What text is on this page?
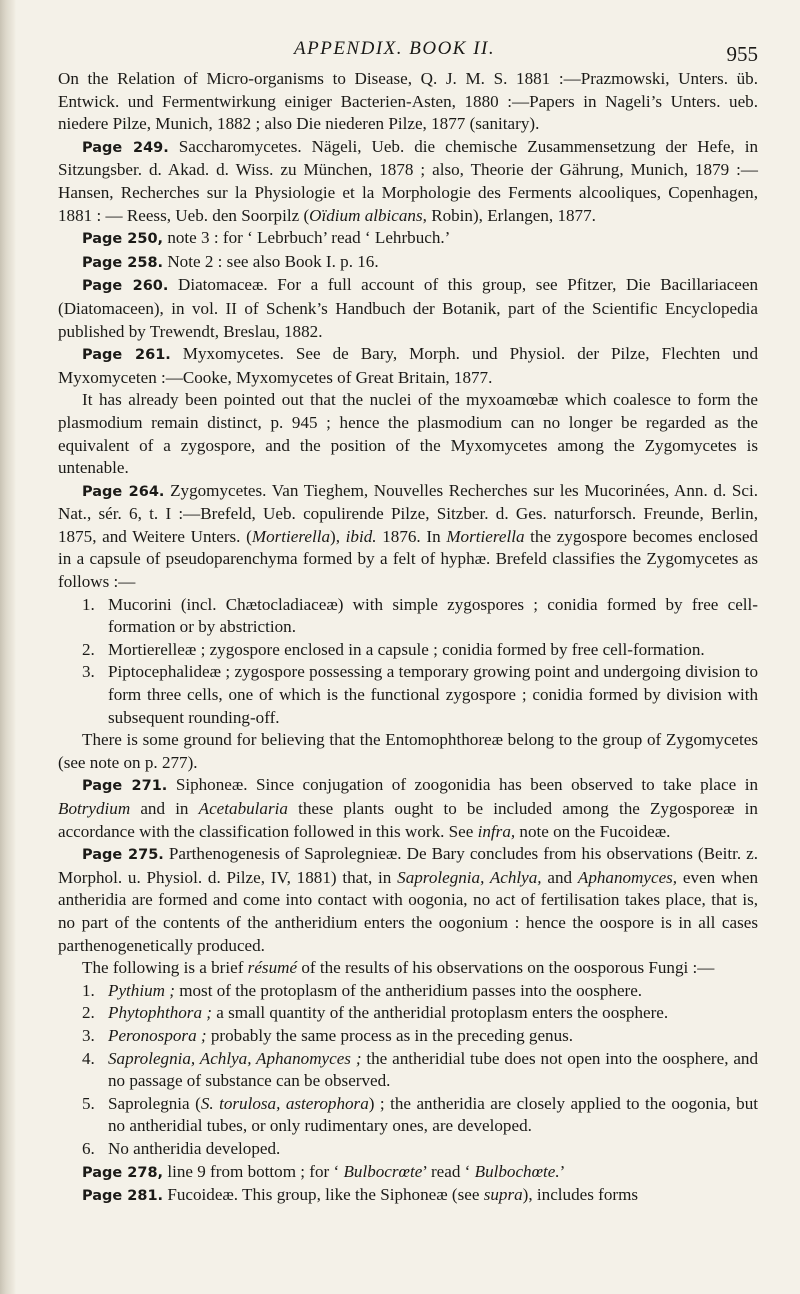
APPENDIX. BOOK II.	955

On the Relation of Micro-organisms to Disease, Q. J. M. S. 1881 :—Prazmowski, Unters. üb. Entwick. und Fermentwirkung einiger Bacterien-Asten, 1880 :—Papers in Nageli’s Unters. ueb. niedere Pilze, Munich, 1882 ; also Die niederen Pilze, 1877 (sanitary).

Page 249. Saccharomycetes. Nägeli, Ueb. die chemische Zusammensetzung der Hefe, in Sitzungsber. d. Akad. d. Wiss. zu München, 1878 ; also, Theorie der Gährung, Munich, 1879 :—Hansen, Recherches sur la Physiologie et la Morphologie des Ferments alcooliques, Copenhagen, 1881 : — Reess, Ueb. den Soorpilz (Oïdium albicans, Robin), Erlangen, 1877.

Page 250, note 3 : for ‘ Lebrbuch’ read ‘ Lehrbuch.’

Page 258. Note 2 : see also Book I. p. 16.

Page 260. Diatomaceæ. For a full account of this group, see Pfitzer, Die Bacillariaceen (Diatomaceen), in vol. II of Schenk’s Handbuch der Botanik, part of the Scientific Encyclopedia published by Trewendt, Breslau, 1882.

Page 261. Myxomycetes. See de Bary, Morph. und Physiol. der Pilze, Flechten und Myxomyceten :—Cooke, Myxomycetes of Great Britain, 1877.

It has already been pointed out that the nuclei of the myxoamœbæ which coalesce to form the plasmodium remain distinct, p. 945 ; hence the plasmodium can no longer be regarded as the equivalent of a zygospore, and the position of the Myxomycetes among the Zygomycetes is untenable.

Page 264. Zygomycetes. Van Tieghem, Nouvelles Recherches sur les Mucorinées, Ann. d. Sci. Nat., sér. 6, t. I :—Brefeld, Ueb. copulirende Pilze, Sitzber. d. Ges. naturforsch. Freunde, Berlin, 1875, and Weitere Unters. (Mortierella), ibid. 1876. In Mortierella the zygospore becomes enclosed in a capsule of pseudoparenchyma formed by a felt of hyphæ. Brefeld classifies the Zygomycetes as follows :—

1. Mucorini (incl. Chætocladiaceæ) with simple zygospores ; conidia formed by free cell-formation or by abstriction.

2. Mortierelleæ ; zygospore enclosed in a capsule ; conidia formed by free cell-formation.

3. Piptocephalideæ ; zygospore possessing a temporary growing point and undergoing division to form three cells, one of which is the functional zygospore ; conidia formed by division with subsequent rounding-off.

There is some ground for believing that the Entomophthoreæ belong to the group of Zygomycetes (see note on p. 277).

Page 271. Siphoneæ. Since conjugation of zoogonidia has been observed to take place in Botrydium and in Acetabularia these plants ought to be included among the Zygosporeæ in accordance with the classification followed in this work. See infra, note on the Fucoideæ.

Page 275. Parthenogenesis of Saprolegnieæ. De Bary concludes from his observations (Beitr. z. Morphol. u. Physiol. d. Pilze, IV, 1881) that, in Saprolegnia, Achlya, and Aphanomyces, even when antheridia are formed and come into contact with oogonia, no act of fertilisation takes place, that is, no part of the contents of the antheridium enters the oogonium : hence the oospore is in all cases parthenogenetically produced.

The following is a brief résumé of the results of his observations on the oosporous Fungi :—

1. Pythium ; most of the protoplasm of the antheridium passes into the oosphere.

2. Phytophthora ; a small quantity of the antheridial protoplasm enters the oosphere.

3. Peronospora ; probably the same process as in the preceding genus.

4. Saprolegnia, Achlya, Aphanomyces ; the antheridial tube does not open into the oosphere, and no passage of substance can be observed.

5. Saprolegnia (S. torulosa, asterophora) ; the antheridia are closely applied to the oogonia, but no antheridial tubes, or only rudimentary ones, are developed.

6. No antheridia developed.

Page 278, line 9 from bottom ; for ‘ Bulbocrœte’ read ‘ Bulbochœte.’

Page 281. Fucoideæ. This group, like the Siphoneæ (see supra), includes forms
